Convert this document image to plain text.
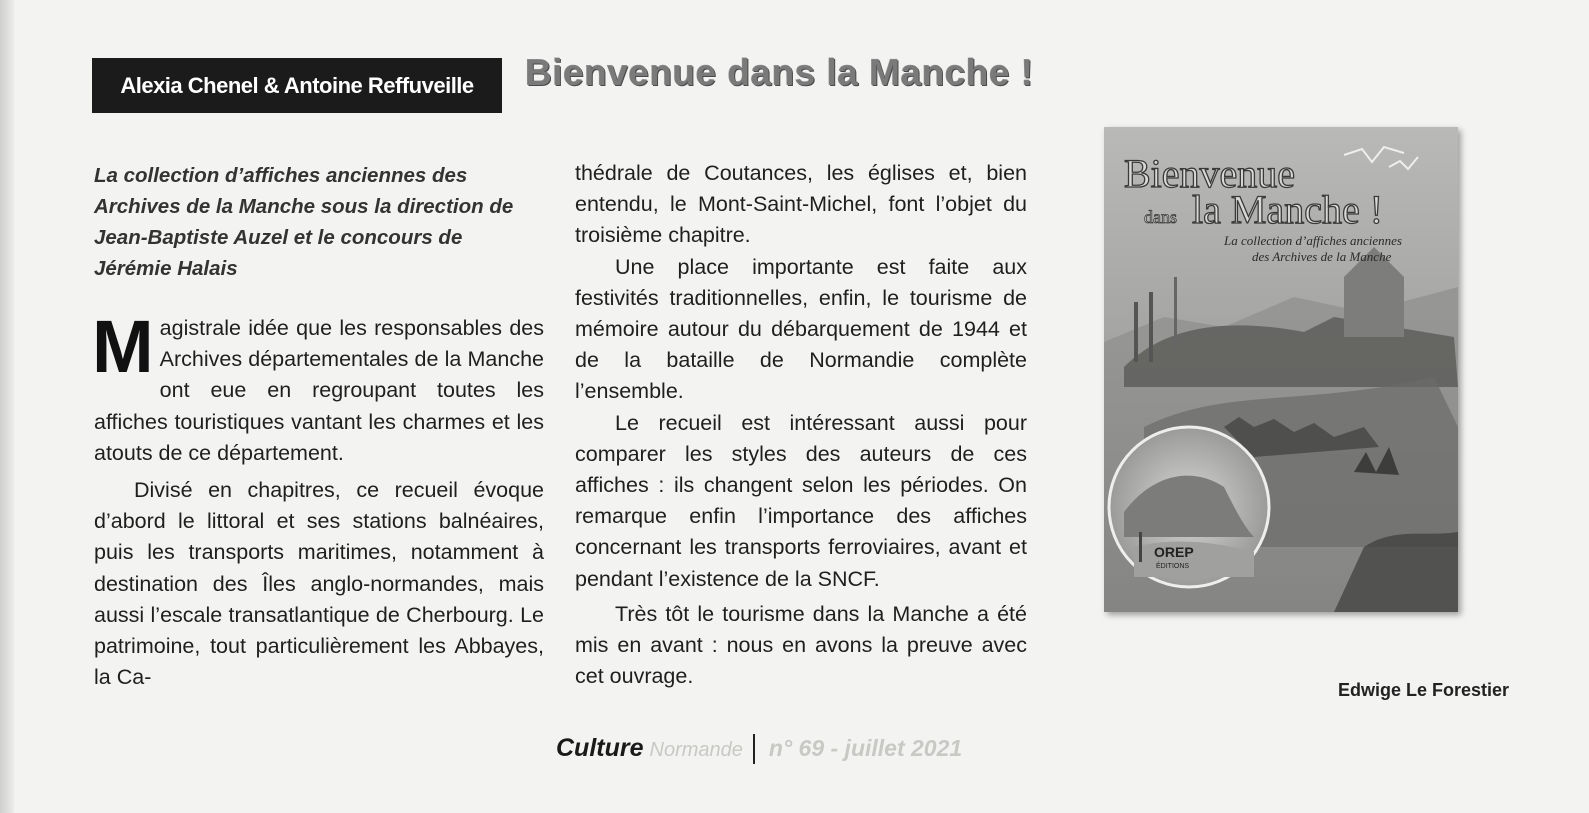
Alexia Chenel & Antoine Reffuveille	Bienvenue dans la Manche !
La collection d’affiches anciennes des Archives de la Manche sous la direction de Jean-Baptiste Auzel et le concours de Jérémie Halais

Magistrale idée que les responsables des Archives départementales de la Manche ont eue en regroupant toutes les affiches touristiques vantant les charmes et les atouts de ce département.

Divisé en chapitres, ce recueil évoque d’abord le littoral et ses stations balnéaires, puis les transports maritimes, notamment à destination des Îles anglo-normandes, mais aussi l’escale transatlantique de Cherbourg. Le patrimoine, tout particulièrement les Abbayes, la Ca-

thédrale de Coutances, les églises et, bien entendu, le Mont-Saint-Michel, font l’objet du troisième chapitre.

Une place importante est faite aux festivités traditionnelles, enfin, le tourisme de mémoire autour du débarquement de 1944 et de la bataille de Normandie complète l’ensemble.

Le recueil est intéressant aussi pour comparer les styles des auteurs de ces affiches : ils changent selon les périodes. On remarque enfin l’importance des affiches concernant les transports ferroviaires, avant et pendant l’existence de la SNCF.

Très tôt le tourisme dans la Manche a été mis en avant : nous en avons la preuve avec cet ouvrage.

Bienvenue
dans la Manche !
La collection d’affiches anciennes
des Archives de la Manche
OREP
ÉDITIONS
Edwige Le Forestier
Culture Normande n° 69 - juillet 2021
